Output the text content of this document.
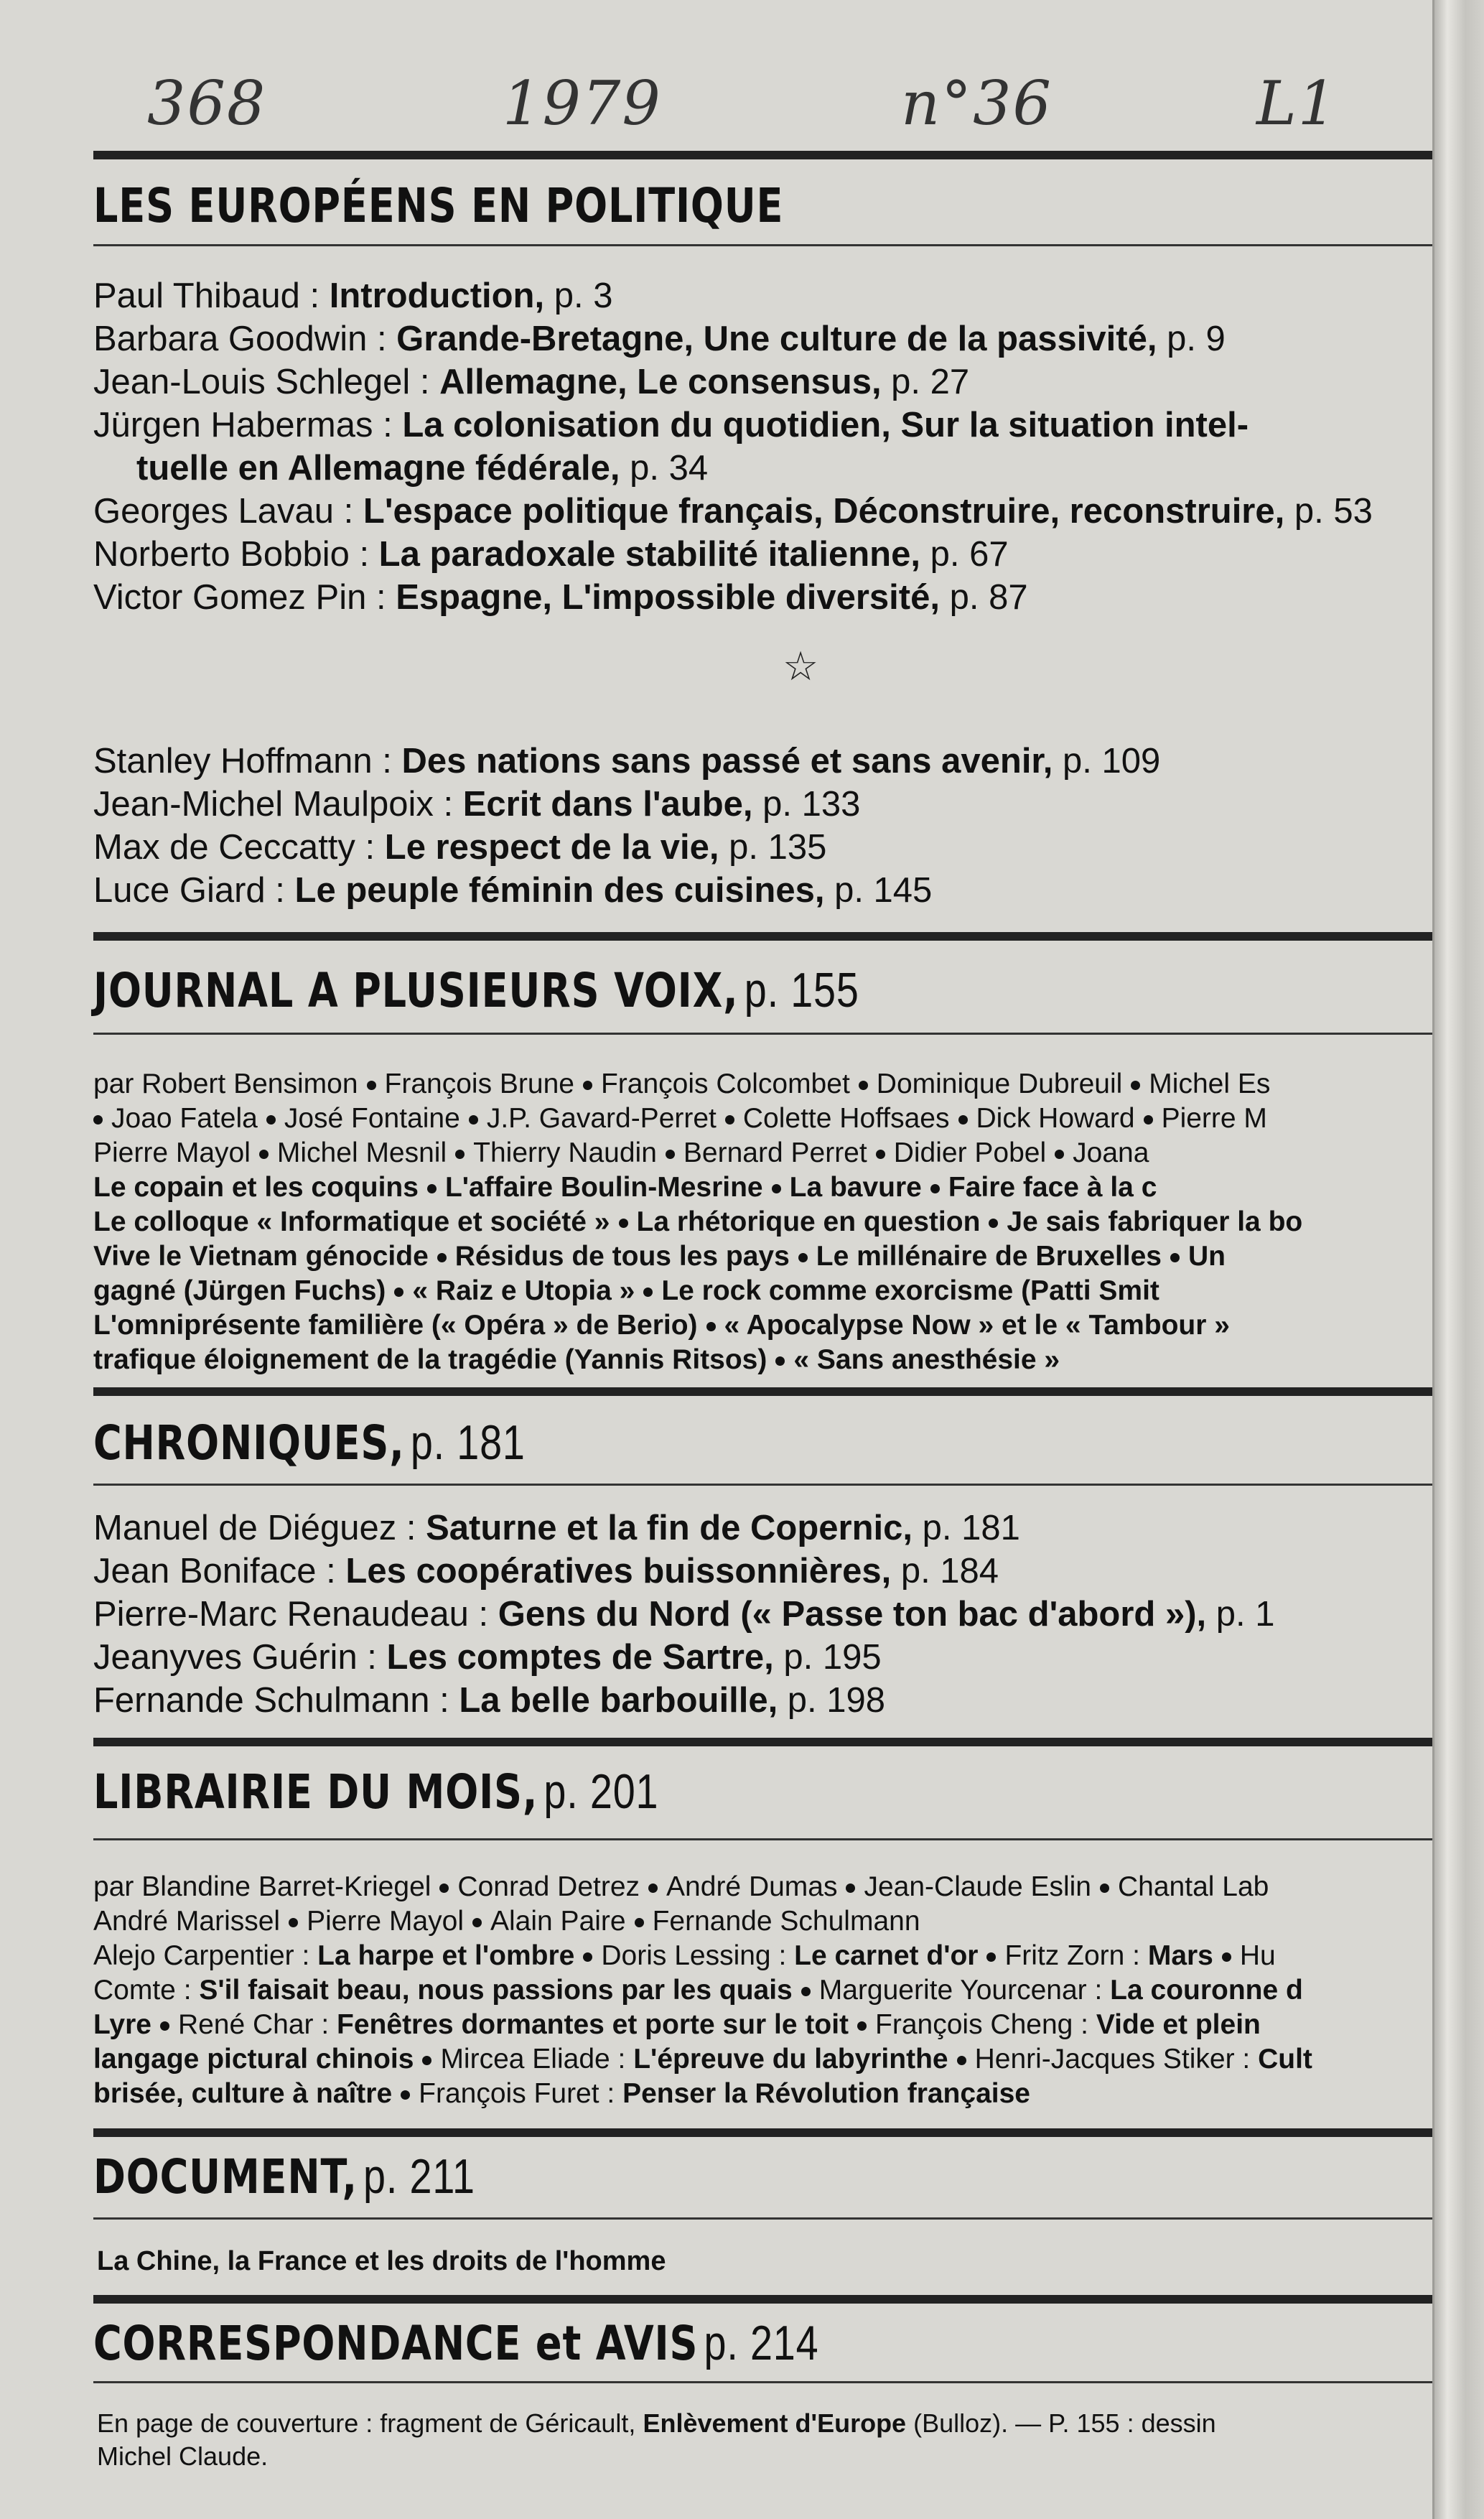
368	1979	n°36	L1
LES EUROPÉENS EN POLITIQUE
Paul Thibaud : Introduction, p. 3
Barbara Goodwin : Grande-Bretagne, Une culture de la passivité, p. 9
Jean-Louis Schlegel : Allemagne, Le consensus, p. 27
Jürgen Habermas : La colonisation du quotidien, Sur la situation intel-
tuelle en Allemagne fédérale, p. 34
Georges Lavau : L'espace politique français, Déconstruire, reconstruire, p. 53
Norberto Bobbio : La paradoxale stabilité italienne, p. 67
Victor Gomez Pin : Espagne, L'impossible diversité, p. 87
☆
Stanley Hoffmann : Des nations sans passé et sans avenir, p. 109
Jean-Michel Maulpoix : Ecrit dans l'aube, p. 133
Max de Ceccatty : Le respect de la vie, p. 135
Luce Giard : Le peuple féminin des cuisines, p. 145
JOURNAL A PLUSIEURS VOIX, p. 155
par Robert Bensimon François Brune François Colcombet Dominique Dubreuil Michel Es
Joao Fatela José Fontaine J.P. Gavard-Perret Colette Hoffsaes Dick Howard Pierre M
Pierre Mayol Michel Mesnil Thierry Naudin Bernard Perret Didier Pobel Joana
Le copain et les coquins L'affaire Boulin-Mesrine La bavure Faire face à la c
Le colloque « Informatique et société » La rhétorique en question Je sais fabriquer la bo
Vive le Vietnam génocide Résidus de tous les pays Le millénaire de Bruxelles Un
gagné (Jürgen Fuchs) « Raiz e Utopia » Le rock comme exorcisme (Patti Smit
L'omniprésente familière (« Opéra » de Berio) « Apocalypse Now » et le « Tambour »
trafique éloignement de la tragédie (Yannis Ritsos) « Sans anesthésie »
CHRONIQUES, p. 181
Manuel de Diéguez : Saturne et la fin de Copernic, p. 181
Jean Boniface : Les coopératives buissonnières, p. 184
Pierre-Marc Renaudeau : Gens du Nord (« Passe ton bac d'abord »), p. 1
Jeanyves Guérin : Les comptes de Sartre, p. 195
Fernande Schulmann : La belle barbouille, p. 198
LIBRAIRIE DU MOIS, p. 201
par Blandine Barret-Kriegel Conrad Detrez André Dumas Jean-Claude Eslin Chantal Lab
André Marissel Pierre Mayol Alain Paire Fernande Schulmann
Alejo Carpentier : La harpe et l'ombre Doris Lessing : Le carnet d'or Fritz Zorn : Mars Hu
Comte : S'il faisait beau, nous passions par les quais Marguerite Yourcenar : La couronne d
Lyre René Char : Fenêtres dormantes et porte sur le toit François Cheng : Vide et plein
langage pictural chinois Mircea Eliade : L'épreuve du labyrinthe Henri-Jacques Stiker : Cult
brisée, culture à naître François Furet : Penser la Révolution française
DOCUMENT, p. 211
La Chine, la France et les droits de l'homme
CORRESPONDANCE et AVIS p. 214
En page de couverture : fragment de Géricault, Enlèvement d'Europe (Bulloz). — P. 155 : dessin
Michel Claude.
